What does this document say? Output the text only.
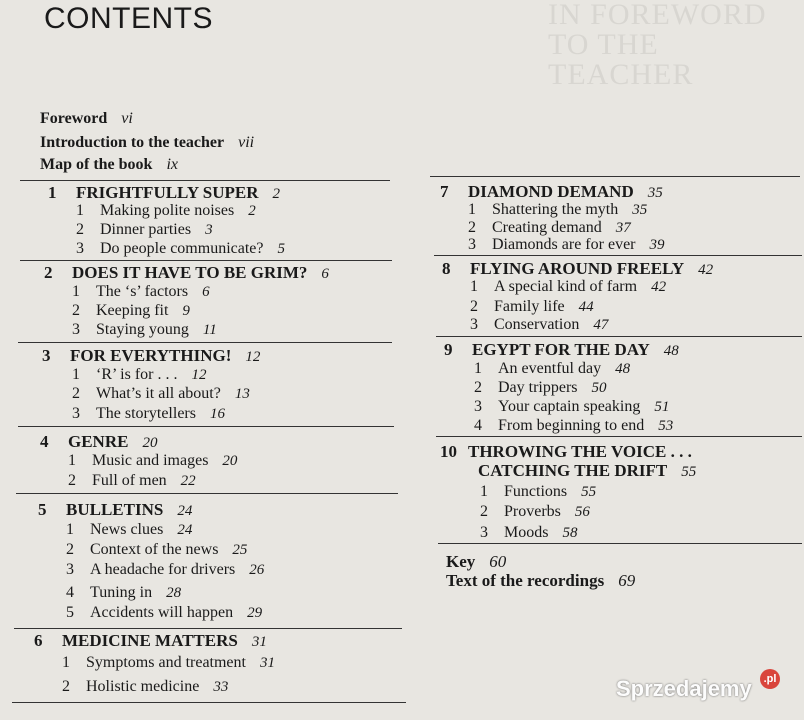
IN FOREWORD
TO THE
TEACHER
CONTENTS
Foreword vi
Introduction to the teacher vii
Map of the book ix
1 FRIGHTFULLY SUPER 2
1 Making polite noises 2
2 Dinner parties 3
3 Do people communicate? 5
2 DOES IT HAVE TO BE GRIM? 6
1 The ‘s’ factors 6
2 Keeping fit 9
3 Staying young 11
3 FOR EVERYTHING! 12
1 ‘R’ is for . . . 12
2 What’s it all about? 13
3 The storytellers 16
4 GENRE 20
1 Music and images 20
2 Full of men 22
5 BULLETINS 24
1 News clues 24
2 Context of the news 25
3 A headache for drivers 26
4 Tuning in 28
5 Accidents will happen 29
6 MEDICINE MATTERS 31
1 Symptoms and treatment 31
2 Holistic medicine 33
7 DIAMOND DEMAND 35
1 Shattering the myth 35
2 Creating demand 37
3 Diamonds are for ever 39
8 FLYING AROUND FREELY 42
1 A special kind of farm 42
2 Family life 44
3 Conservation 47
9 EGYPT FOR THE DAY 48
1 An eventful day 48
2 Day trippers 50
3 Your captain speaking 51
4 From beginning to end 53
10 THROWING THE VOICE . . .
CATCHING THE DRIFT 55
1 Functions 55
2 Proverbs 56
3 Moods 58
Key 60
Text of the recordings 69
Sprzedajemy	.pl
